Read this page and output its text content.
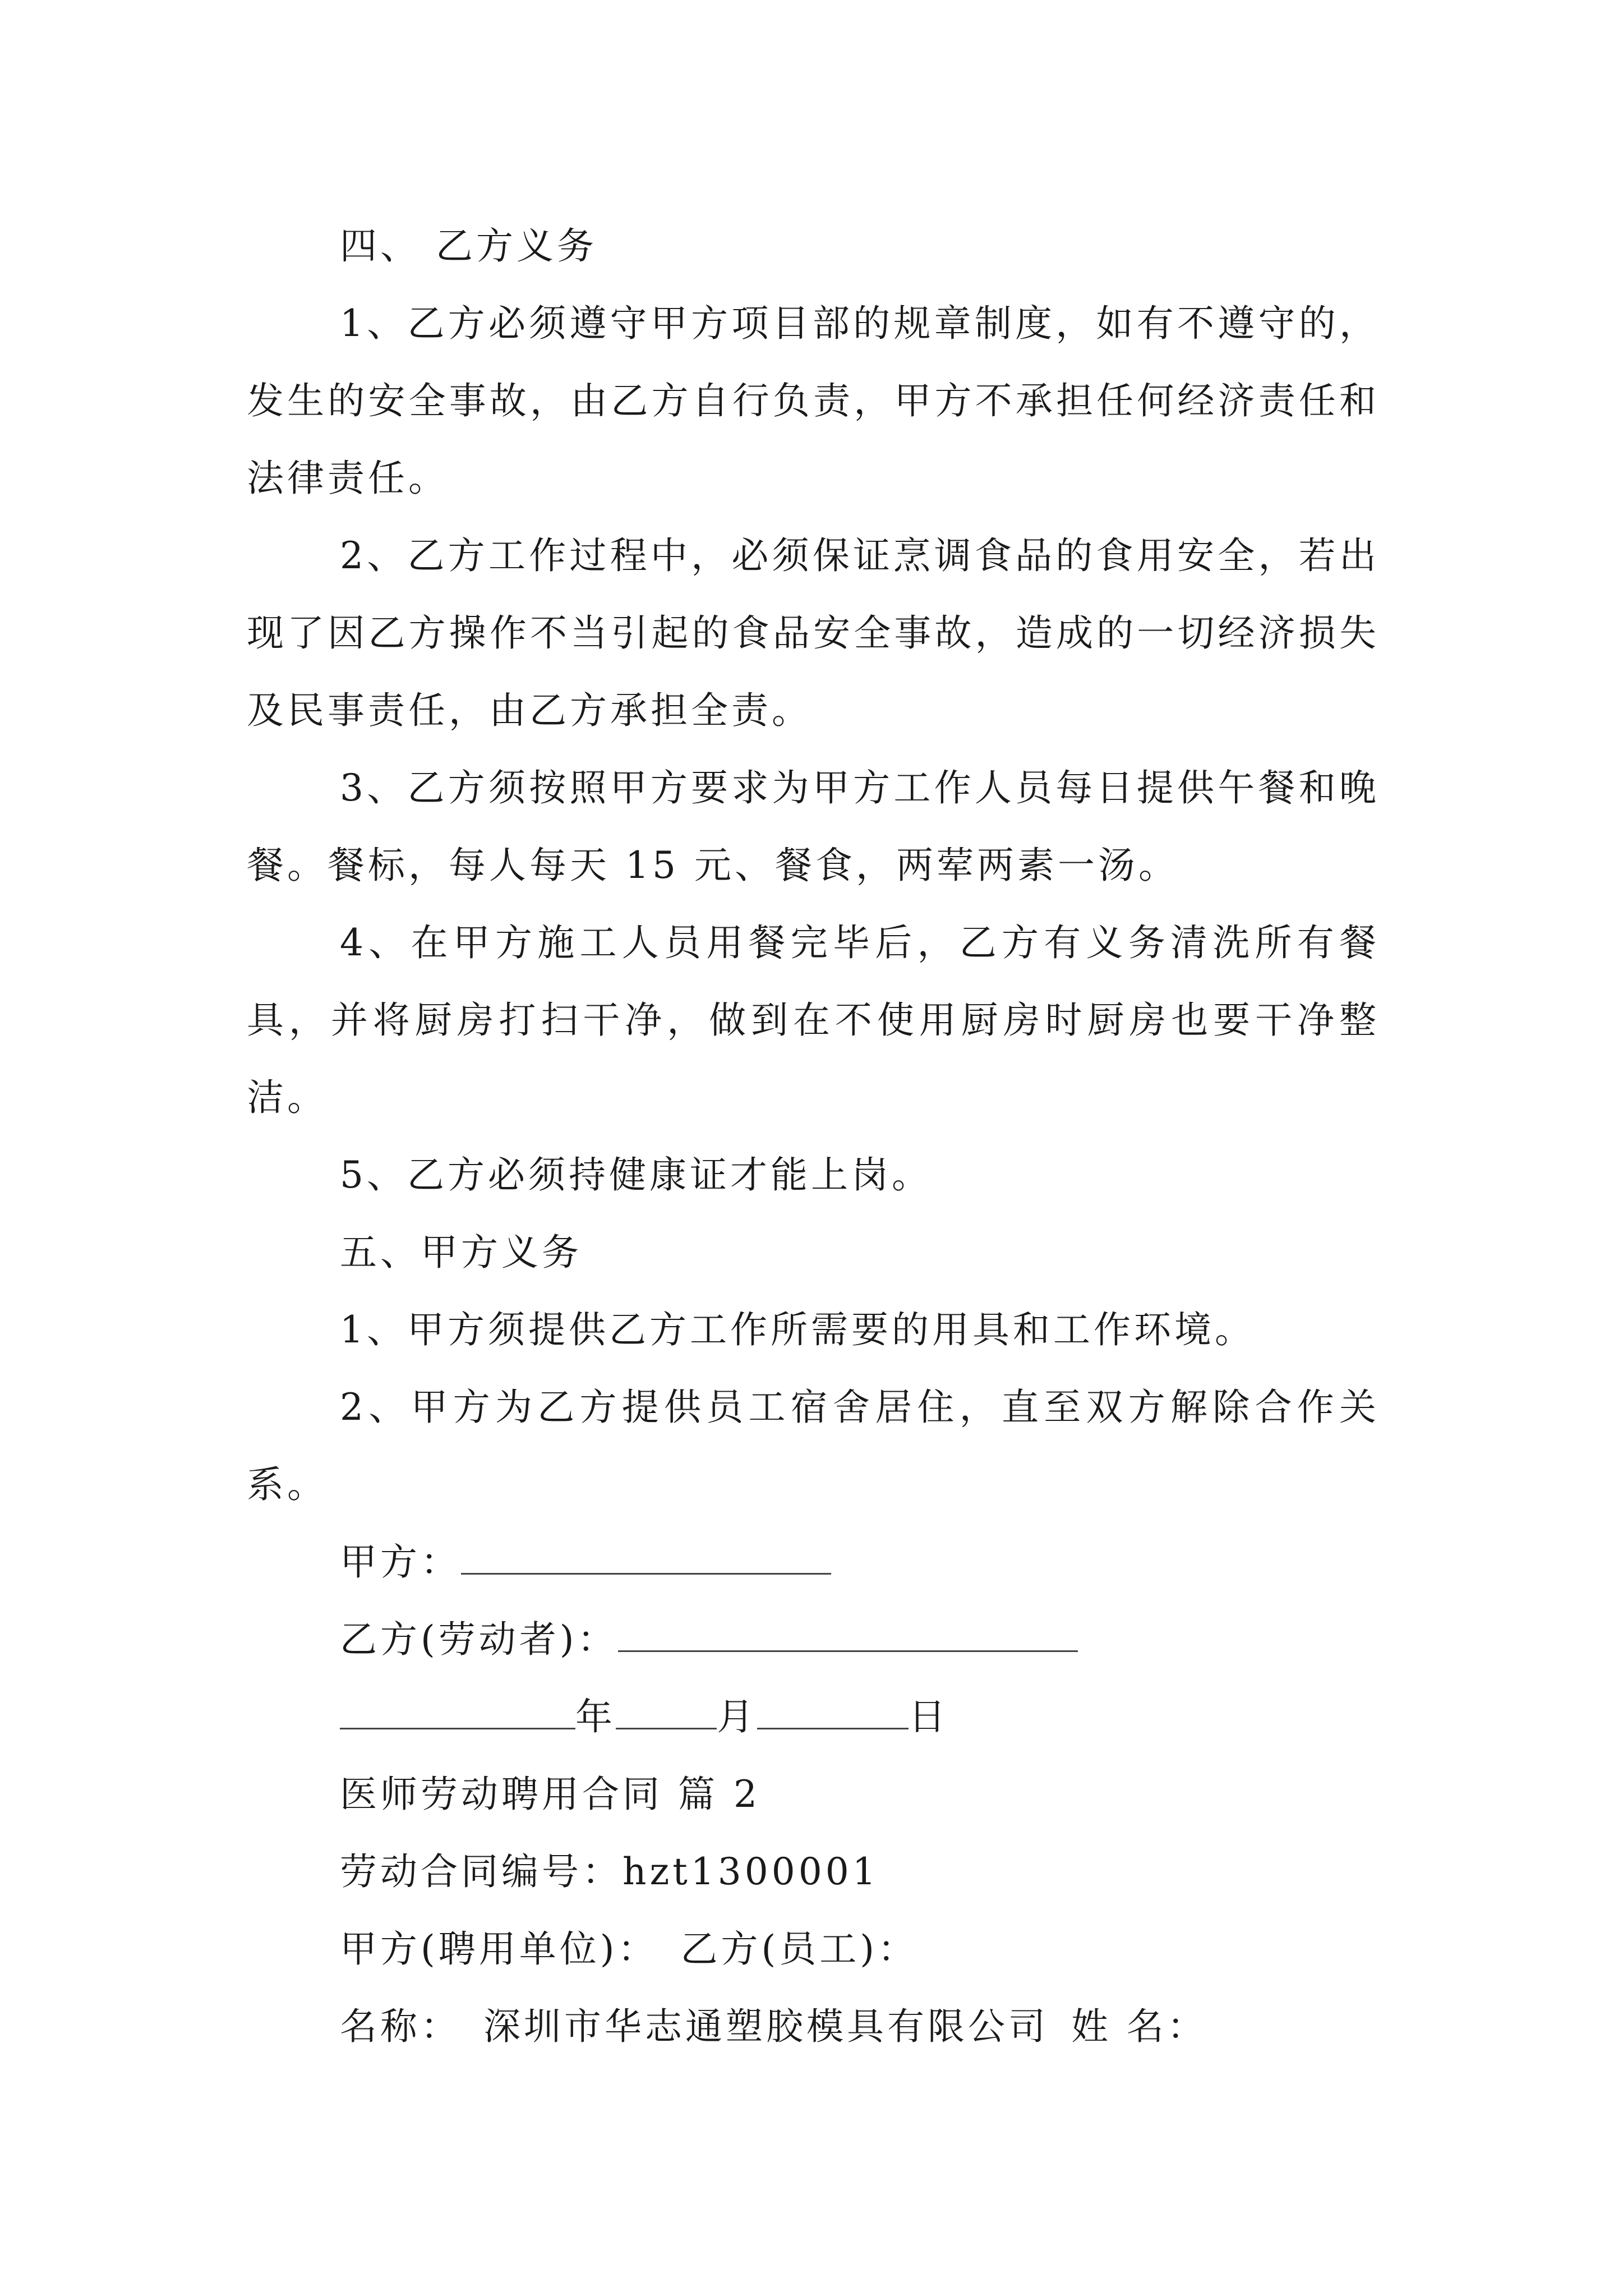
四、 乙方义务

1、乙方必须遵守甲方项目部的规章制度，如有不遵守的，发生的安全事故，由乙方自行负责，甲方不承担任何经济责任和法律责任。

2、乙方工作过程中，必须保证烹调食品的食用安全，若出现了因乙方操作不当引起的食品安全事故，造成的一切经济损失及民事责任，由乙方承担全责。

3、乙方须按照甲方要求为甲方工作人员每日提供午餐和晚餐。餐标，每人每天 15 元、餐食，两荤两素一汤。

4、在甲方施工人员用餐完毕后，乙方有义务清洗所有餐具，并将厨房打扫干净，做到在不使用厨房时厨房也要干净整洁。

5、乙方必须持健康证才能上岗。

五、甲方义务

1、甲方须提供乙方工作所需要的用具和工作环境。

2、甲方为乙方提供员工宿舍居住，直至双方解除合作关系。

甲方：

乙方(劳动者)：

年	月	日

医师劳动聘用合同 篇 2

劳动合同编号：hzt1300001

甲方(聘用单位)： 乙方(员工)：

名称： 深圳市华志通塑胶模具有限公司 姓 名：
